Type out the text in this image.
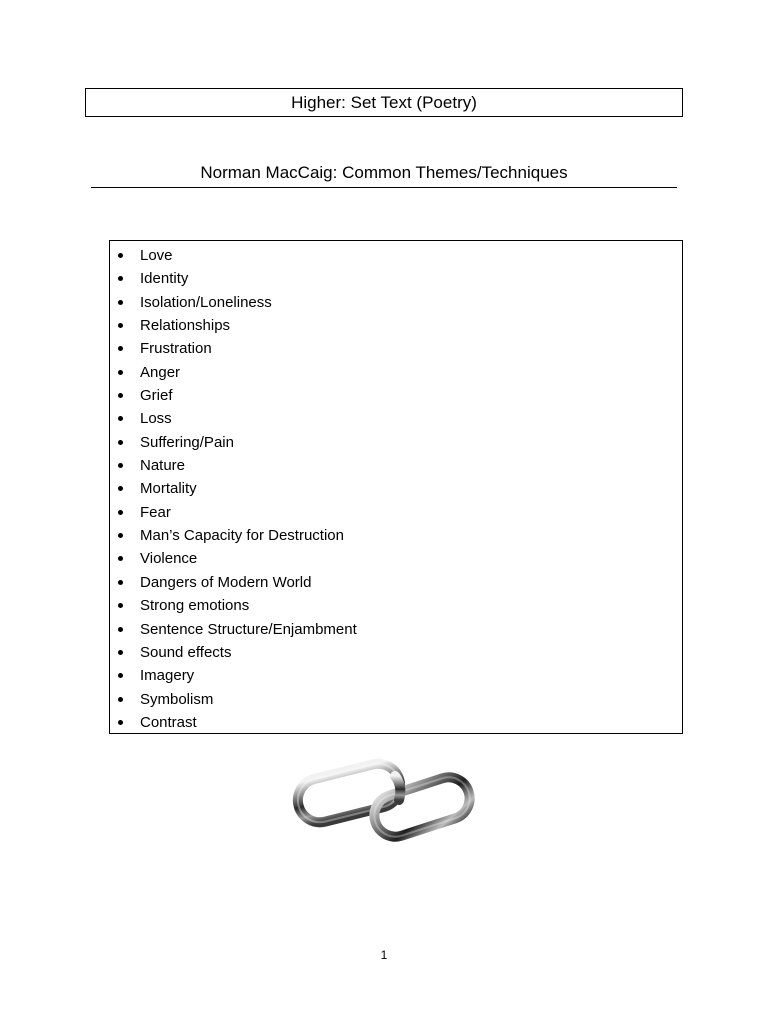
Higher: Set Text (Poetry)
Norman MacCaig: Common Themes/Techniques
Love
Identity
Isolation/Loneliness
Relationships
Frustration
Anger
Grief
Loss
Suffering/Pain
Nature
Mortality
Fear
Man’s Capacity for Destruction
Violence
Dangers of Modern World
Strong emotions
Sentence Structure/Enjambment
Sound effects
Imagery
Symbolism
Contrast
1
